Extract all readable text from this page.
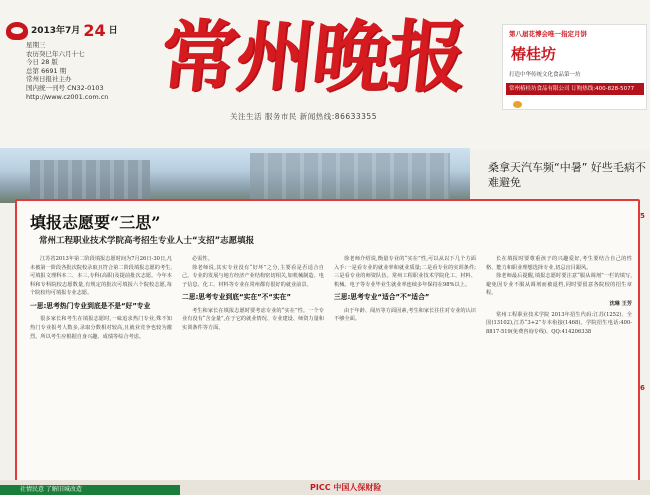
2013年7月 24 日
星期三
农历癸巳年六月十七
今日 28 版
总第 6691 期
常州日报社主办
国内统一刊号 CN32-0103
http://www.cz001.com.cn 常州晚报
关注生活 服务市民 新闻热线:86633355
第八届花博会唯一指定月饼
椿桂坊
打造中华传统文化食品第一坊
常州椿桂坊食品有限公司 订购热线:400-828-5077
桑拿天汽车频“中暑” 好些毛病不难避免
5
6
填报志愿要“三思”
常州工程职业技术学院高考招生专业人士“支招”志愿填报

江苏省2013年第二阶段填报志愿时间为7月26日-30日,凡未被第一阶段各批次院校录取且符合第二阶段填报志愿的考生,可填报文理科本二、本三,专科(高职)及提前批次志愿。今年本科和专科院校志愿数量,有规定的批次可填报六个院校志愿,每个院校均可填报专业志愿。

一思:思考热门专业到底是不是“好”专业

很多家长和考生在填报志愿时,一味追求热门专业,殊不知热门专业报考人数多,录取分数相对较高,且就业竞争也较为激烈。所以考生应根据自身兴趣、成绩等综合考虑。

必需性。

徐老师说,其实专业没有“好坏”之分,主要看是否适合自己。专业的发展与地方经济产业结构密切相关,如机械制造、电子信息、化工、材料等专业在常州都有很好的就业前景。

二思:思考专业到底“实在”不“实在”

考生和家长在填报志愿时要考虑专业的“实在”性。一个专业有没有“含金量”,在于它的就业情况、专业建设、师资力量和实训条件等方面。

徐老师介绍说,衡量专业的“实在”性,可以从以下几个方面入手:一是看专业的就业率和就业质量;二是看专业的实训条件;三是看专业的师资队伍。常州工程职业技术学院化工、材料、机械、电子等专业毕业生就业率连续多年保持在98%以上。

三思:思考专业“适合”不“适合”

由于年龄、阅历等方面因素,考生和家长往往对专业的认识不够全面。

长在填报时要尊重孩子的兴趣爱好,考生要结合自己的性格、能力和职业理想选择专业,切忌盲目跟风。

徐老师最后提醒,填报志愿时要注意“服从调剂”一栏的填写,避免因专业不服从调剂而被退档,同时要留意各院校的招生章程。

沈琳 王芳

常州工程职业技术学院 2013年招生代码:江苏(1252)、全国(13102),江苏“3+2”专本衔接(1468)。学院招生电话:400-8817-519(免费咨询专线)、QQ:414206338

社情民意 了解旧城改造	PICC 中国人保财险
